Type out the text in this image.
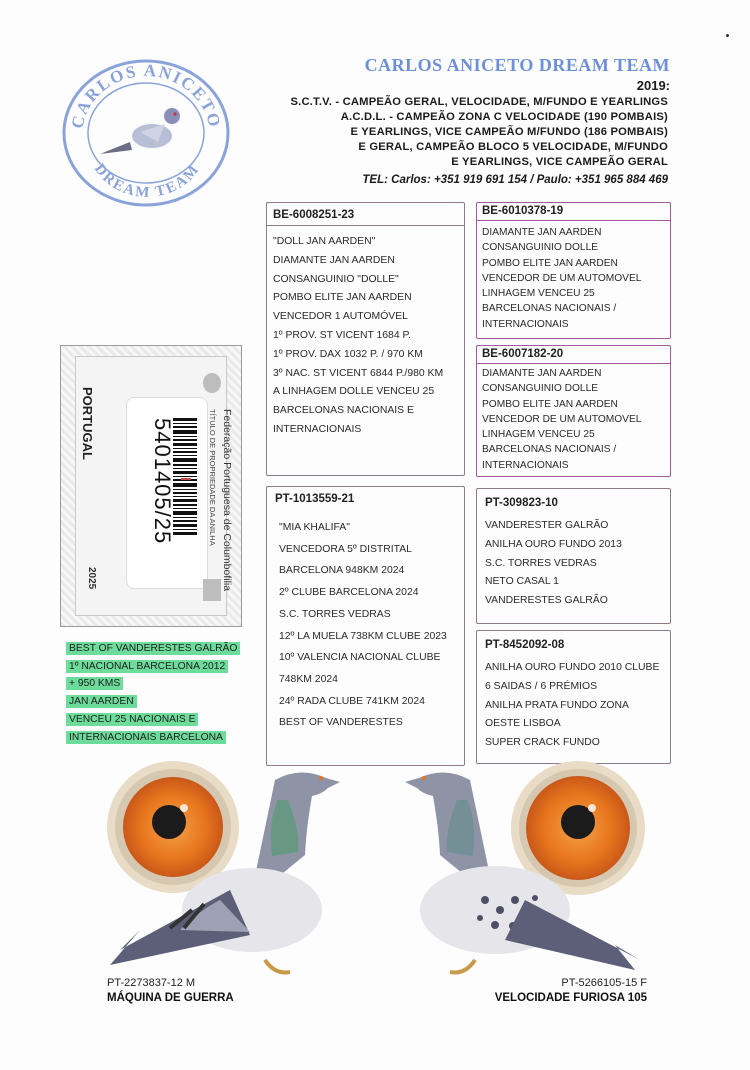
CARLOS ANICETO
DREAM TEAM
CARLOS ANICETO DREAM TEAM
2019:
S.C.T.V. - CAMPEÃO GERAL, VELOCIDADE, M/FUNDO E YEARLINGS
A.C.D.L. - CAMPEÃO ZONA C VELOCIDADE (190 POMBAIS)
E YEARLINGS, VICE CAMPEÃO M/FUNDO (186 POMBAIS)
E GERAL, CAMPEÃO BLOCO 5 VELOCIDADE, M/FUNDO
E YEARLINGS, VICE CAMPEÃO GERAL
TEL: Carlos: +351 919 691 154 / Paulo: +351 965 884 469
BE-6008251-23
"DOLL JAN AARDEN"
DIAMANTE JAN AARDEN
CONSANGUINIO "DOLLE"
POMBO ELITE JAN AARDEN
VENCEDOR 1 AUTOMÓVEL
1º PROV. ST VICENT 1684 P.
1º PROV. DAX 1032 P. / 970 KM
3º NAC. ST VICENT 6844 P./980 KM
A LINHAGEM DOLLE VENCEU 25
BARCELONAS NACIONAIS E
INTERNACIONAIS
BE-6010378-19
DIAMANTE JAN AARDEN
CONSANGUINIO DOLLE
POMBO ELITE JAN AARDEN
VENCEDOR DE UM AUTOMOVEL
LINHAGEM VENCEU 25
BARCELONAS NACIONAIS /
INTERNACIONAIS
BE-6007182-20
DIAMANTE JAN AARDEN
CONSANGUINIO DOLLE
POMBO ELITE JAN AARDEN
VENCEDOR DE UM AUTOMOVEL
LINHAGEM VENCEU 25
BARCELONAS NACIONAIS /
INTERNACIONAIS
PT-1013559-21
"MIA KHALIFA"
VENCEDORA 5º DISTRITAL
BARCELONA 948KM 2024
2º CLUBE BARCELONA 2024
S.C. TORRES VEDRAS
12º LA MUELA 738KM CLUBE 2023
10º VALENCIA NACIONAL CLUBE
748KM 2024
24º RADA CLUBE 741KM 2024
BEST OF VANDERESTES
PT-309823-10
VANDERESTER GALRÃO
ANILHA OURO FUNDO 2013
S.C. TORRES VEDRAS
NETO CASAL 1
VANDERESTES GALRÃO
PT-8452092-08
ANILHA OURO FUNDO 2010 CLUBE
6 SAIDAS / 6 PRÉMIOS
ANILHA PRATA FUNDO ZONA
OESTE LISBOA
SUPER CRACK FUNDO
5401405/25
PORTUGAL
2025	Federação Portuguesa de Columbofilia
TÍTULO DE PROPRIEDADE DA ANILHA
BEST OF VANDERESTES GALRÃO
1º NACIONAL BARCELONA 2012
+ 950 KMS
JAN AARDEN
VENCEU 25 NACIONAIS E
INTERNACIONAIS BARCELONA
PT-2273837-12 M
MÁQUINA DE GUERRA
PT-5266105-15 F
VELOCIDADE FURIOSA 105
